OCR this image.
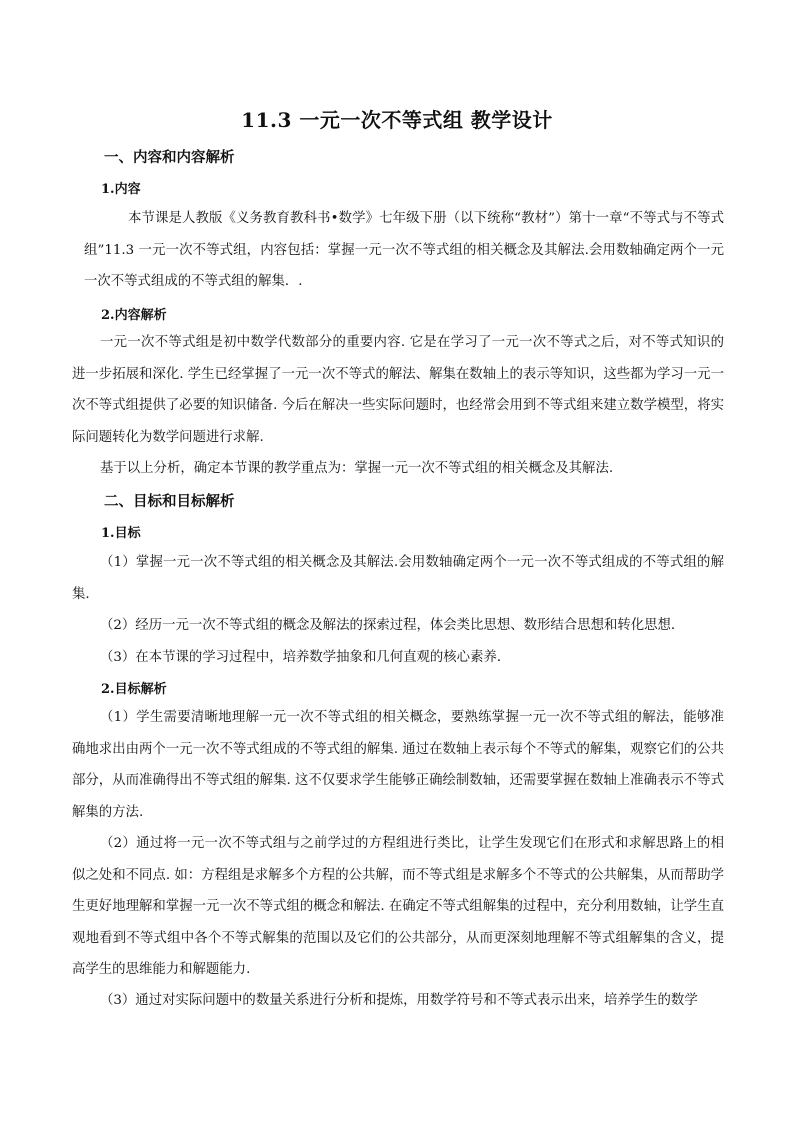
11.3 一元一次不等式组 教学设计
一、内容和内容解析
1.内容
本节课是人教版《义务教育教科书•数学》七年级下册（以下统称“教材”）第十一章“不等式与不等式组”11.3 一元一次不等式组，内容包括：掌握一元一次不等式组的相关概念及其解法.会用数轴确定两个一元一次不等式组成的不等式组的解集．.
2.内容解析
一元一次不等式组是初中数学代数部分的重要内容. 它是在学习了一元一次不等式之后，对不等式知识的进一步拓展和深化. 学生已经掌握了一元一次不等式的解法、解集在数轴上的表示等知识，这些都为学习一元一次不等式组提供了必要的知识储备. 今后在解决一些实际问题时，也经常会用到不等式组来建立数学模型，将实际问题转化为数学问题进行求解.
基于以上分析，确定本节课的教学重点为：掌握一元一次不等式组的相关概念及其解法.
二、目标和目标解析
1.目标
（1）掌握一元一次不等式组的相关概念及其解法.会用数轴确定两个一元一次不等式组成的不等式组的解集.
（2）经历一元一次不等式组的概念及解法的探索过程，体会类比思想、数形结合思想和转化思想．
（3）在本节课的学习过程中，培养数学抽象和几何直观的核心素养．
2.目标解析
（1）学生需要清晰地理解一元一次不等式组的相关概念，要熟练掌握一元一次不等式组的解法，能够准确地求出由两个一元一次不等式组成的不等式组的解集. 通过在数轴上表示每个不等式的解集，观察它们的公共部分，从而准确得出不等式组的解集. 这不仅要求学生能够正确绘制数轴，还需要掌握在数轴上准确表示不等式解集的方法.
（2）通过将一元一次不等式组与之前学过的方程组进行类比，让学生发现它们在形式和求解思路上的相似之处和不同点. 如：方程组是求解多个方程的公共解，而不等式组是求解多个不等式的公共解集，从而帮助学生更好地理解和掌握一元一次不等式组的概念和解法. 在确定不等式组解集的过程中，充分利用数轴，让学生直观地看到不等式组中各个不等式解集的范围以及它们的公共部分，从而更深刻地理解不等式组解集的含义，提高学生的思维能力和解题能力.
（3）通过对实际问题中的数量关系进行分析和提炼，用数学符号和不等式表示出来，培养学生的数学
